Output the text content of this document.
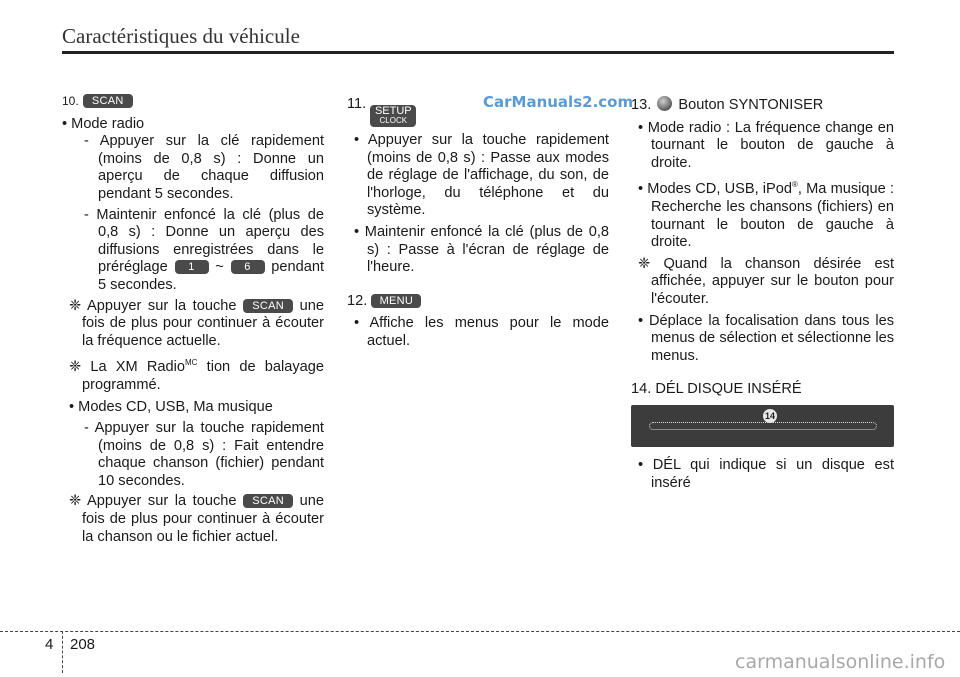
Caractéristiques du véhicule
CarManuals2.com
10. SCAN

• Mode radio

- Appuyer sur la clé rapidement (moins de 0,8 s) : Donne un aperçu de chaque diffusion pendant 5 secondes.

- Maintenir enfoncé la clé (plus de 0,8 s) : Donne un aperçu des diffusions enregistrées dans le préréglage 1 ~ 6 pendant 5 secondes.

❈ Appuyer sur la touche SCAN une fois de plus pour continuer à écouter la fréquence actuelle.

❈ La XM Radio$^{MC}$ tion de balayage programmé.

• Modes CD, USB, Ma musique

- Appuyer sur la touche rapidement (moins de 0,8 s) : Fait entendre chaque chanson (fichier) pendant 10 secondes.

❈ Appuyer sur la touche SCAN une fois de plus pour continuer à écouter la chanson ou le fichier actuel.

11. SETUP
CLOCK

• Appuyer sur la touche rapidement (moins de 0,8 s) : Passe aux modes de réglage de l'affichage, du son, de l'horloge, du téléphone et du système.

• Maintenir enfoncé la clé (plus de 0,8 s) : Passe à l'écran de réglage de l'heure.

12. MENU

• Affiche les menus pour le mode actuel.

13. Bouton SYNTONISER

• Mode radio : La fréquence change en tournant le bouton de gauche à droite.

• Modes CD, USB, iPod®, Ma musique : Recherche les chansons (fichiers) en tournant le bouton de gauche à droite.

❈ Quand la chanson désirée est affichée, appuyer sur le bouton pour l'écouter.

• Déplace la focalisation dans tous les menus de sélection et sélectionne les menus.

14. DÉL DISQUE INSÉRÉ

14

• DÉL qui indique si un disque est inséré

4 208
carmanualsonline.info
